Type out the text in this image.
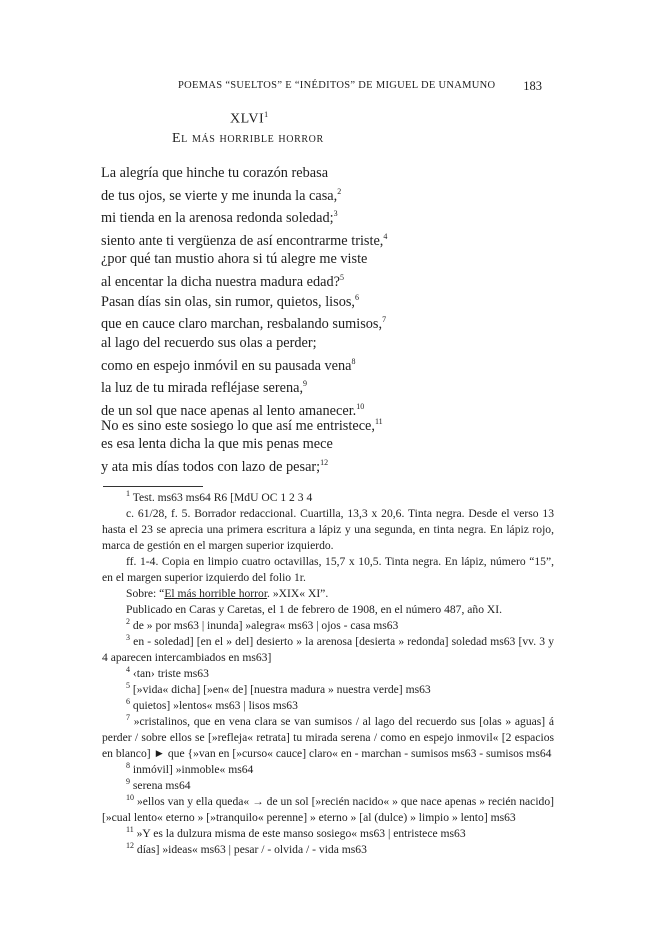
POEMAS “SUELTOS” E “INÉDITOS” DE MIGUEL DE UNAMUNO 183
XLVI$^1$
El más horrible horror
La alegría que hinche tu corazón rebasa
de tus ojos, se vierte y me inunda la casa,$^2$
mi tienda en la arenosa redonda soledad;$^3$
siento ante ti vergüenza de así encontrarme triste,$^4$
¿por qué tan mustio ahora si tú alegre me viste
al encentar la dicha nuestra madura edad?$^5$
Pasan días sin olas, sin rumor, quietos, lisos,$^6$
que en cauce claro marchan, resbalando sumisos,$^7$
al lago del recuerdo sus olas a perder;
como en espejo inmóvil en su pausada vena$^8$
la luz de tu mirada refléjase serena,$^9$
de un sol que nace apenas al lento amanecer.$^{10}$
No es sino este sosiego lo que así me entristece,$^{11}$
es esa lenta dicha la que mis penas mece
y ata mis días todos con lazo de pesar;$^{12}$

$^1$ Test. ms63 ms64 R6 [MdU OC 1 2 3 4

c. 61/28, f. 5. Borrador redaccional. Cuartilla, 13,3 x 20,6. Tinta negra. Desde el verso 13 hasta el 23 se aprecia una primera escritura a lápiz y una segunda, en tinta negra. En lápiz rojo, marca de gestión en el margen superior izquierdo.

ff. 1-4. Copia en limpio cuatro octavillas, 15,7 x 10,5. Tinta negra. En lápiz, número “15”, en el margen superior izquierdo del folio 1r.

Sobre: “El más horrible horror. »XIX« XI”.

Publicado en Caras y Caretas, el 1 de febrero de 1908, en el número 487, año XI.

$^2$ de » por ms63 | inunda] »alegra« ms63 | ojos - casa ms63

$^3$ en - soledad] [en el » del] desierto » la arenosa [desierta » redonda] soledad ms63 [vv. 3 y 4 aparecen intercambiados en ms63]

$^4$ ‹tan› triste ms63

$^5$ [»vida« dicha] [»en« de] [nuestra madura » nuestra verde] ms63

$^6$ quietos] »lentos« ms63 | lisos ms63

$^7$ »cristalinos, que en vena clara se van sumisos / al lago del recuerdo sus [olas » aguas] á perder / sobre ellos se [»refleja« retrata] tu mirada serena / como en espejo inmovil« [2 espacios en blanco] ► que {»van en [»curso« cauce] claro« en - marchan - sumisos ms63 - sumisos ms64

$^8$ inmóvil] »inmoble« ms64

$^9$ serena ms64

$^{10}$ »ellos van y ella queda« → de un sol [»recién nacido« » que nace apenas » recién nacido] [»cual lento« eterno » [»tranquilo« perenne] » eterno » [al (dulce) » limpio » lento] ms63

$^{11}$ »Y es la dulzura misma de este manso sosiego« ms63 | entristece ms63

$^{12}$ días] »ideas« ms63 | pesar / - olvida / - vida ms63
